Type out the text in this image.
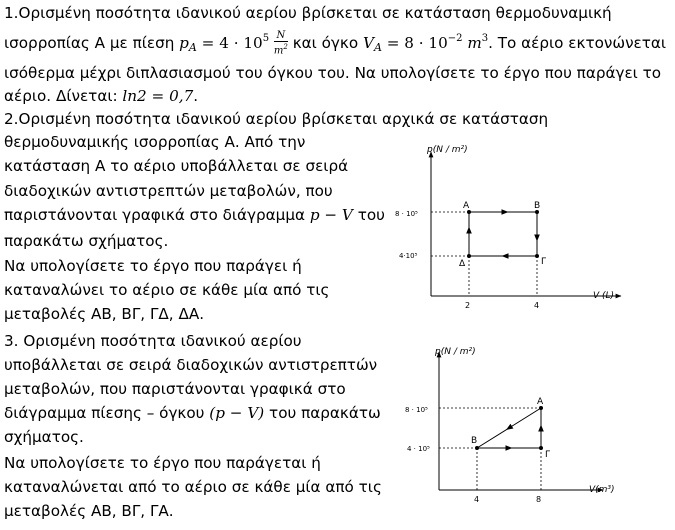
1.Ορισμένη ποσότητα ιδανικού αερίου βρίσκεται σε κατάσταση θερμοδυναμική
ισορροπίας Α με πίεση $p_A = 4 \cdot 10^5 \frac{N}{m^2}$ και όγκο $V_A = 8 \cdot 10^{-2}$ $m^3$. Το αέριο εκτονώνεται
ισόθερμα μέχρι διπλασιασμού του όγκου του. Να υπολογίσετε το έργο που παράγει το
αέριο. Δίνεται: ln2 = 0,7.
2.Ορισμένη ποσότητα ιδανικού αερίου βρίσκεται αρχικά σε κατάσταση
θερμοδυναμικής ισορροπίας Α. Από την
κατάσταση Α το αέριο υποβάλλεται σε σειρά
διαδοχικών αντιστρεπτών μεταβολών, που
παριστάνονται γραφικά στο διάγραμμα p − V του
παρακάτω σχήματος.
Να υπολογίσετε το έργο που παράγει ή
καταναλώνει το αέριο σε κάθε μία από τις
μεταβολές ΑΒ, ΒΓ, ΓΔ, ΔΑ.
p(N / m²)
V (L)
8 · 10⁵
4·10⁵
2	4
A	B
Γ
Δ
3. Ορισμένη ποσότητα ιδανικού αερίου
υποβάλλεται σε σειρά διαδοχικών αντιστρεπτών
μεταβολών, που παριστάνονται γραφικά στο
διάγραμμα πίεσης – όγκου (p − V) του παρακάτω
σχήματος.
Να υπολογίσετε το έργο που παράγεται ή
καταναλώνεται από το αέριο σε κάθε μία από τις
μεταβολές ΑΒ, ΒΓ, ΓΑ.
p(N / m²)
V(m³)
8 · 10⁵
4 · 10⁵
4	8
A
B
Γ
